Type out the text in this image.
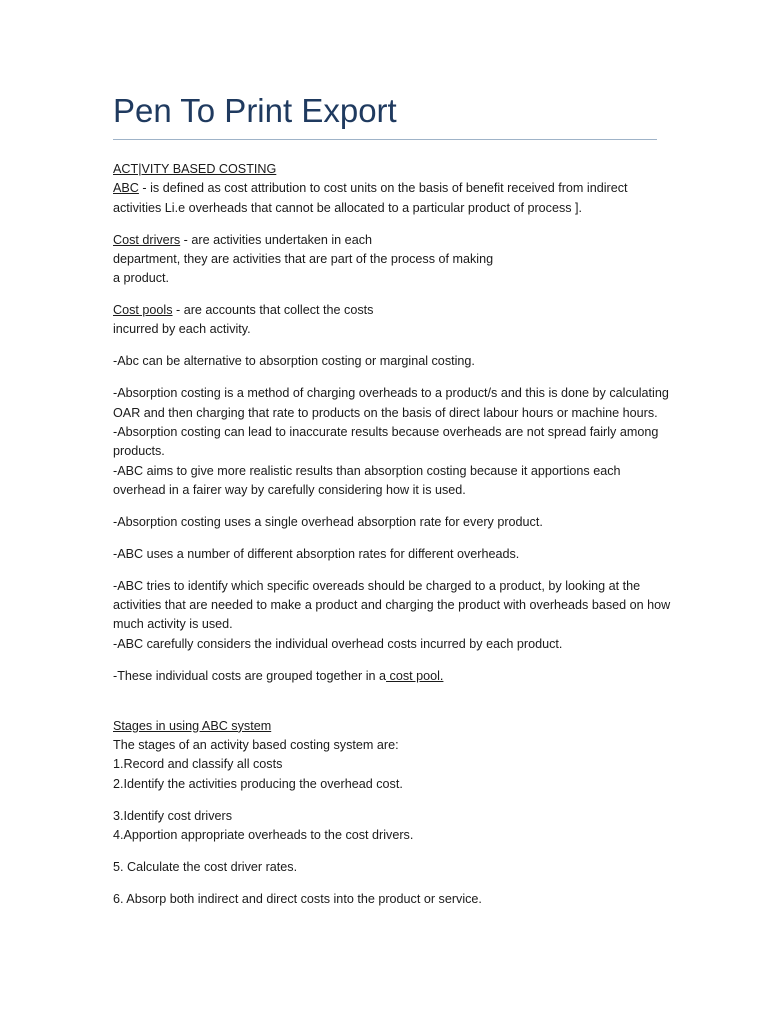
Pen To Print Export

ACT|VITY BASED COSTING
ABC - is defined as cost attribution to cost units on the basis of benefit received from indirect activities Li.e overheads that cannot be allocated to a particular product of process ].

Cost drivers - are activities undertaken in each
department, they are activities that are part of the process of making
a product.

Cost pools - are accounts that collect the costs
incurred by each activity.

-Abc can be alternative to absorption costing or marginal costing.

-Absorption costing is a method of charging overheads to a product/s and this is done by calculating OAR and then charging that rate to products on the basis of direct labour hours or machine hours.
-Absorption costing can lead to inaccurate results because overheads are not spread fairly among products.
-ABC aims to give more realistic results than absorption costing because it apportions each overhead in a fairer way by carefully considering how it is used.

-Absorption costing uses a single overhead absorption rate for every product.

-ABC uses a number of different absorption rates for different overheads.

-ABC tries to identify which specific overeads should be charged to a product, by looking at the activities that are needed to make a product and charging the product with overheads based on how much activity is used.
-ABC carefully considers the individual overhead costs incurred by each product.

-These individual costs are grouped together in a cost pool.

Stages in using ABC system
The stages of an activity based costing system are:
1.Record and classify all costs
2.Identify the activities producing the overhead cost.

3.Identify cost drivers
4.Apportion appropriate overheads to the cost drivers.

5. Calculate the cost driver rates.

6. Absorp both indirect and direct costs into the product or service.
